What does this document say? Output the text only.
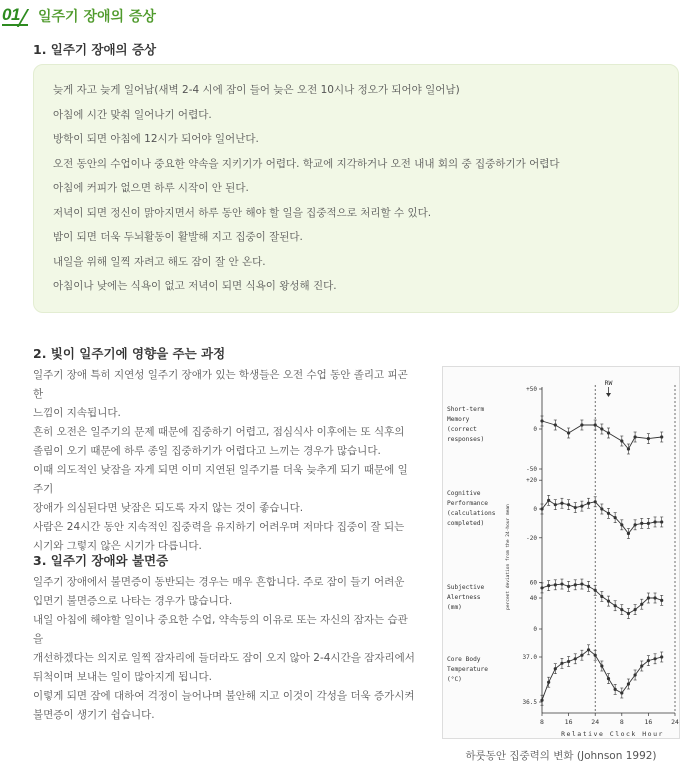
01 일주기 장애의 증상
1. 일주기 장애의 증상
늦게 자고 늦게 일어남(새벽 2-4 시에 잠이 들어 늦은 오전 10시나 정오가 되어야 일어남)
아침에 시간 맞춰 일어나기 어렵다.
방학이 되면 아침에 12시가 되어야 일어난다.
오전 동안의 수업이나 중요한 약속을 지키기가 어렵다. 학교에 지각하거나 오전 내내 회의 중 집중하기가 어렵다
아침에 커피가 없으면 하루 시작이 안 된다.
저녁이 되면 정신이 맑아지면서 하루 동안 해야 할 일을 집중적으로 처리할 수 있다.
밤이 되면 더욱 두뇌활동이 활발해 지고 집중이 잘된다.
내일을 위해 일찍 자려고 해도 잠이 잘 안 온다.
아침이나 낮에는 식욕이 없고 저녁이 되면 식욕이 왕성해 진다.
2. 빛이 일주기에 영향을 주는 과정

일주기 장애 특히 지연성 일주기 장애가 있는 학생들은 오전 수업 동안 졸리고 피곤한

느낌이 지속됩니다.

흔히 오전은 일주기의 문제 때문에 집중하기 어렵고, 점심식사 이후에는 또 식후의

졸림이 오기 때문에 하루 종일 집중하기가 어렵다고 느끼는 경우가 많습니다.

이때 의도적인 낮잠을 자게 되면 이미 지연된 일주기를 더욱 늦추게 되기 때문에 일주기

장애가 의심된다면 낮잠은 되도록 자지 않는 것이 좋습니다.

사람은 24시간 동안 지속적인 집중력을 유지하기 어려우며 저마다 집중이 잘 되는

시기와 그렇지 않은 시기가 다릅니다.

3. 일주기 장애와 불면증

일주기 장애에서 불면증이 동반되는 경우는 매우 흔합니다. 주로 잠이 들기 어려운

입면기 불면증으로 나타는 경우가 많습니다.

내일 아침에 해야할 일이나 중요한 수업, 약속등의 이유로 또는 자신의 잠자는 습관을

개선하겠다는 의지로 일찍 잠자리에 들더라도 잠이 오지 않아 2-4시간을 잠자리에서

뒤척이며 보내는 일이 많아지게 됩니다.

이렇게 되면 잠에 대하여 걱정이 늘어나며 불안해 지고 이것이 각성을 더욱 증가시켜

불면증이 생기기 쉽습니다.

RW
percent deviation from the 24-hour mean
Short-term
Memory
(correct
responses)
+50
0
-50
Cognitive
Performance
(calculations
completed)
+20
0
-20
Subjective
Alertness
(mm)
60
40
0
Core Body
Temperature
(°C)
37.0
36.5
8	16	24	8	16	24
Relative Clock Hour
하룻동안 집중력의 변화 (Johnson 1992)
